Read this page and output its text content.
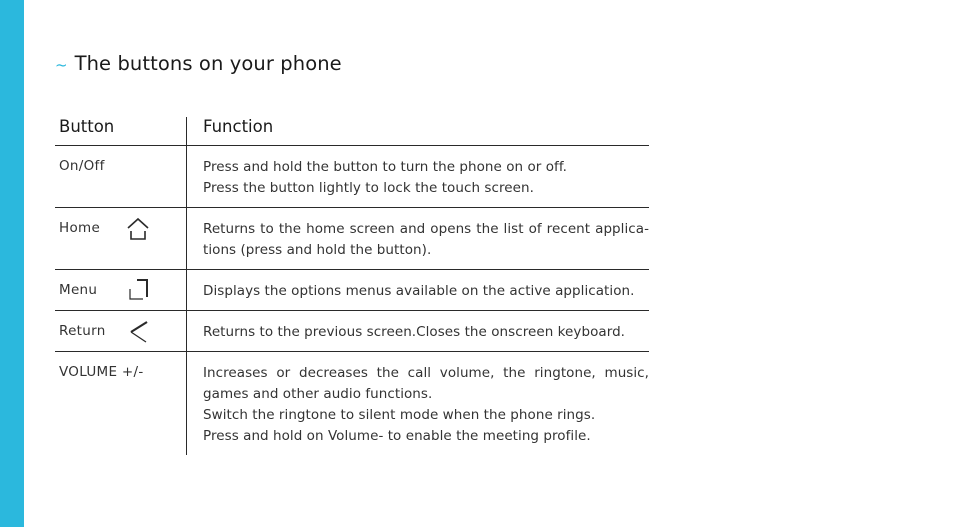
~ The buttons on your phone
Button	Function
On/Off	Press and hold the button to turn the phone on or off.
Press the button lightly to lock the touch screen.
Home	Returns to the home screen and opens the list of recent applica-
tions (press and hold the button).
Menu	Displays the options menus available on the active application.
Return	Returns to the previous screen.Closes the onscreen keyboard.
VOLUME +/-	Increases or decreases the call volume, the ringtone, music,
games and other audio functions.
Switch the ringtone to silent mode when the phone rings.
Press and hold on Volume- to enable the meeting profile.
